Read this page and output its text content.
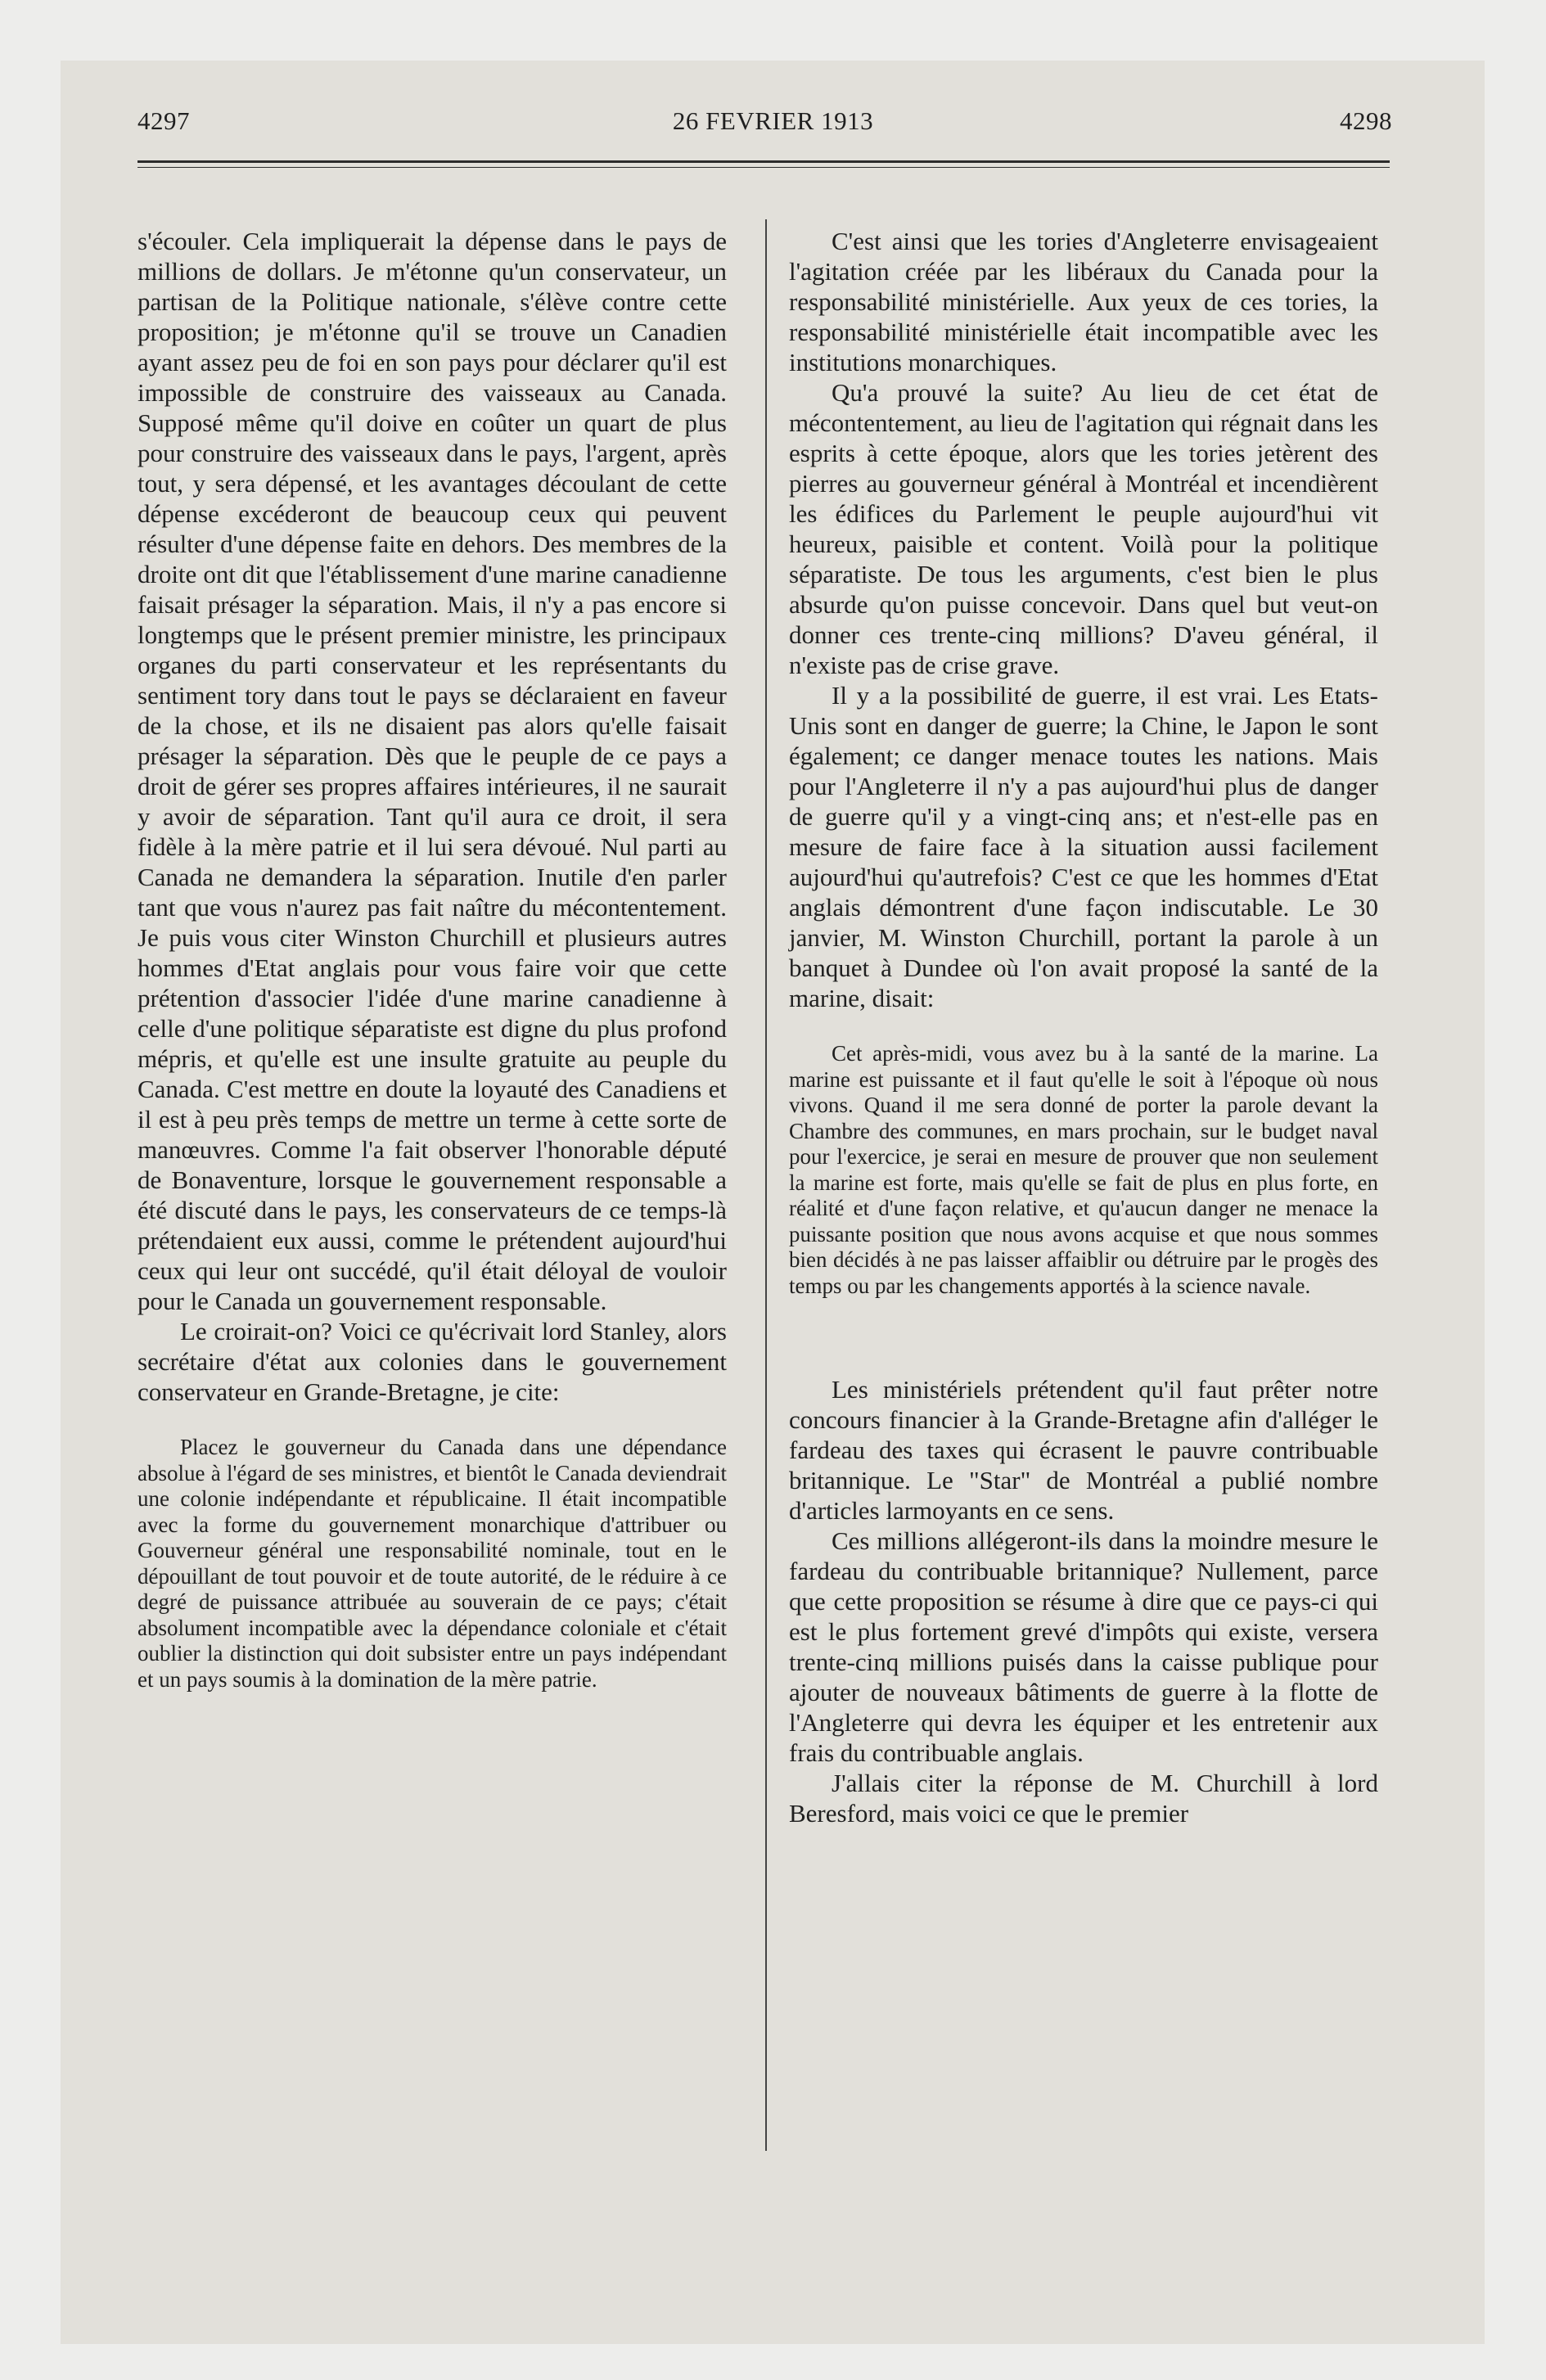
4297	26 FEVRIER 1913	4298

s'écouler. Cela impliquerait la dépense dans le pays de millions de dollars. Je m'étonne qu'un conservateur, un partisan de la Politique nationale, s'élève contre cette proposition; je m'étonne qu'il se trouve un Canadien ayant assez peu de foi en son pays pour déclarer qu'il est impossible de construire des vaisseaux au Canada. Supposé même qu'il doive en coûter un quart de plus pour construire des vaisseaux dans le pays, l'argent, après tout, y sera dépensé, et les avantages découlant de cette dépense excéderont de beaucoup ceux qui peuvent résulter d'une dépense faite en dehors. Des membres de la droite ont dit que l'établissement d'une marine canadienne faisait présager la séparation. Mais, il n'y a pas encore si longtemps que le présent premier ministre, les principaux organes du parti conservateur et les représentants du sentiment tory dans tout le pays se déclaraient en faveur de la chose, et ils ne disaient pas alors qu'elle faisait présager la séparation. Dès que le peuple de ce pays a droit de gérer ses propres affaires intérieures, il ne saurait y avoir de séparation. Tant qu'il aura ce droit, il sera fidèle à la mère patrie et il lui sera dévoué. Nul parti au Canada ne demandera la séparation. Inutile d'en parler tant que vous n'aurez pas fait naître du mécontentement. Je puis vous citer Winston Churchill et plusieurs autres hommes d'Etat anglais pour vous faire voir que cette prétention d'associer l'idée d'une marine canadienne à celle d'une politique séparatiste est digne du plus profond mépris, et qu'elle est une insulte gratuite au peuple du Canada. C'est mettre en doute la loyauté des Canadiens et il est à peu près temps de mettre un terme à cette sorte de manœuvres. Comme l'a fait observer l'honorable député de Bonaventure, lorsque le gouvernement responsable a été discuté dans le pays, les conservateurs de ce temps-là prétendaient eux aussi, comme le prétendent aujourd'hui ceux qui leur ont succédé, qu'il était déloyal de vouloir pour le Canada un gouvernement responsable.

Le croirait-on? Voici ce qu'écrivait lord Stanley, alors secrétaire d'état aux colonies dans le gouvernement conservateur en Grande-Bretagne, je cite:

Placez le gouverneur du Canada dans une dépendance absolue à l'égard de ses ministres, et bientôt le Canada deviendrait une colonie indépendante et républicaine. Il était incompatible avec la forme du gouvernement monarchique d'attribuer ou Gouverneur général une responsabilité nominale, tout en le dépouillant de tout pouvoir et de toute autorité, de le réduire à ce degré de puissance attribuée au souverain de ce pays; c'était absolument incompatible avec la dépendance coloniale et c'était oublier la distinction qui doit subsister entre un pays indépendant et un pays soumis à la domination de la mère patrie.

C'est ainsi que les tories d'Angleterre envisageaient l'agitation créée par les libéraux du Canada pour la responsabilité ministérielle. Aux yeux de ces tories, la responsabilité ministérielle était incompatible avec les institutions monarchiques.

Qu'a prouvé la suite? Au lieu de cet état de mécontentement, au lieu de l'agitation qui régnait dans les esprits à cette époque, alors que les tories jetèrent des pierres au gouverneur général à Montréal et incendièrent les édifices du Parlement le peuple aujourd'hui vit heureux, paisible et content. Voilà pour la politique séparatiste. De tous les arguments, c'est bien le plus absurde qu'on puisse concevoir. Dans quel but veut-on donner ces trente-cinq millions? D'aveu général, il n'existe pas de crise grave.

Il y a la possibilité de guerre, il est vrai. Les Etats-Unis sont en danger de guerre; la Chine, le Japon le sont également; ce danger menace toutes les nations. Mais pour l'Angleterre il n'y a pas aujourd'hui plus de danger de guerre qu'il y a vingt-cinq ans; et n'est-elle pas en mesure de faire face à la situation aussi facilement aujourd'hui qu'autrefois? C'est ce que les hommes d'Etat anglais démontrent d'une façon indiscutable. Le 30 janvier, M. Winston Churchill, portant la parole à un banquet à Dundee où l'on avait proposé la santé de la marine, disait:

Cet après-midi, vous avez bu à la santé de la marine. La marine est puissante et il faut qu'elle le soit à l'époque où nous vivons. Quand il me sera donné de porter la parole devant la Chambre des communes, en mars prochain, sur le budget naval pour l'exercice, je serai en mesure de prouver que non seulement la marine est forte, mais qu'elle se fait de plus en plus forte, en réalité et d'une façon relative, et qu'aucun danger ne menace la puissante position que nous avons acquise et que nous sommes bien décidés à ne pas laisser affaiblir ou détruire par le progès des temps ou par les changements apportés à la science navale.

Les ministériels prétendent qu'il faut prêter notre concours financier à la Grande-Bretagne afin d'alléger le fardeau des taxes qui écrasent le pauvre contribuable britannique. Le "Star" de Montréal a publié nombre d'articles larmoyants en ce sens.

Ces millions allégeront-ils dans la moindre mesure le fardeau du contribuable britannique? Nullement, parce que cette proposition se résume à dire que ce pays-ci qui est le plus fortement grevé d'impôts qui existe, versera trente-cinq millions puisés dans la caisse publique pour ajouter de nouveaux bâtiments de guerre à la flotte de l'Angleterre qui devra les équiper et les entretenir aux frais du contribuable anglais.

J'allais citer la réponse de M. Churchill à lord Beresford, mais voici ce que le premier
